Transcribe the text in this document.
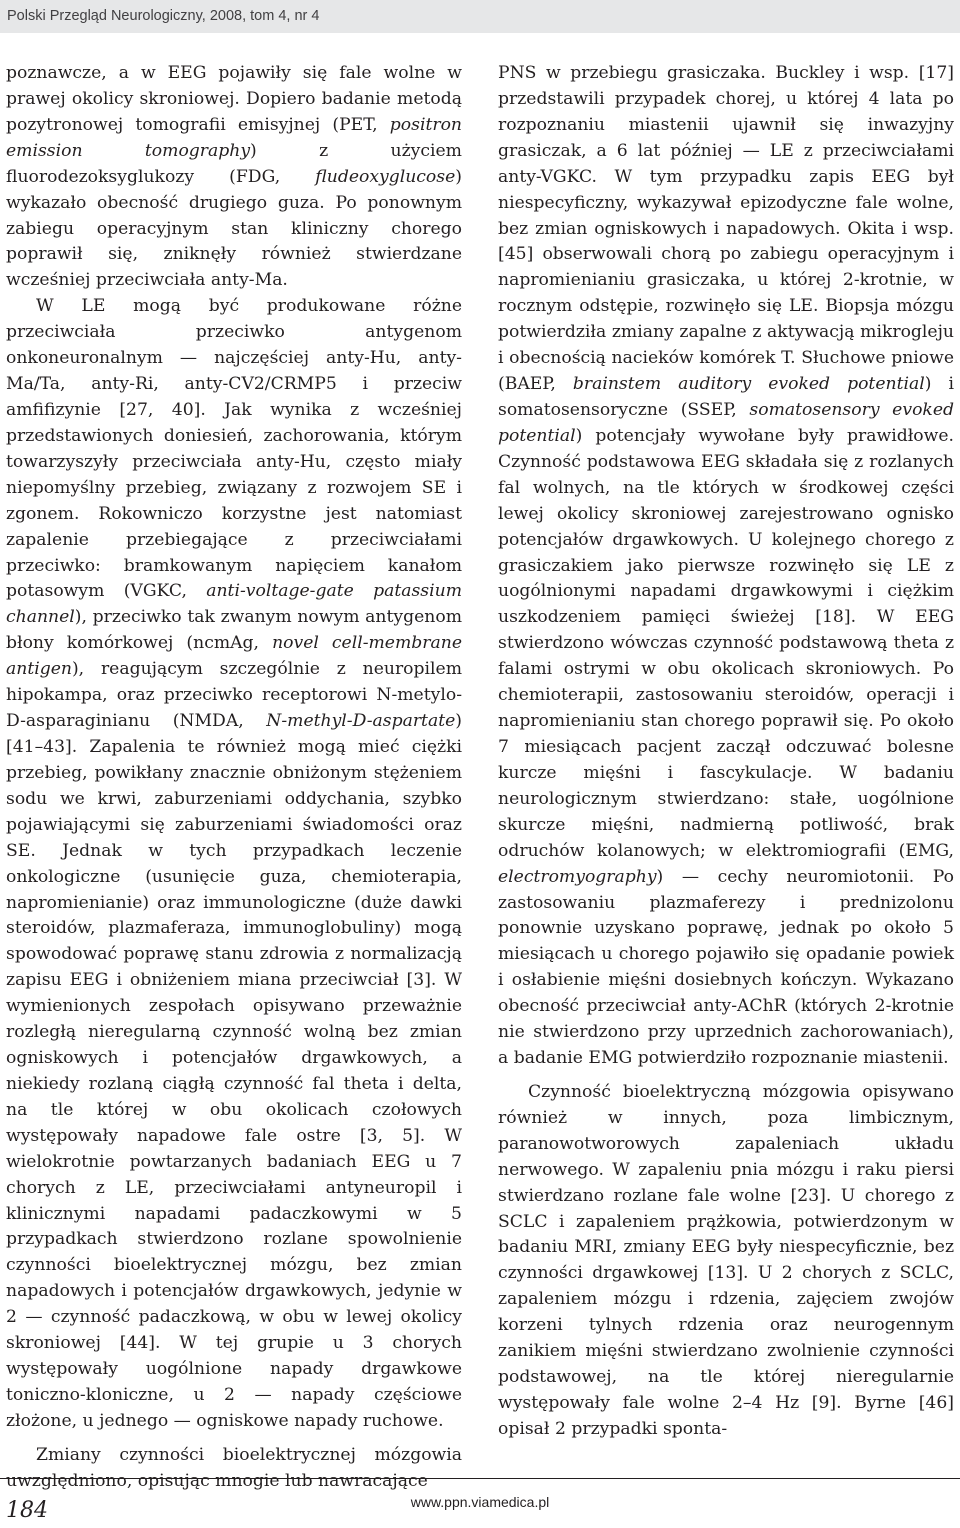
Polski Przegląd Neurologiczny, 2008, tom 4, nr 4

poznawcze, a w EEG pojawiły się fale wolne w prawej okolicy skroniowej. Dopiero badanie metodą pozytronowej tomografii emisyjnej (PET, positron emission tomography) z użyciem fluorodezoksyglukozy (FDG, fludeoxyglucose) wykazało obecność drugiego guza. Po ponownym zabiegu operacyjnym stan kliniczny chorego poprawił się, zniknęły również stwierdzane wcześniej przeciwciała anty-Ma.

W LE mogą być produkowane różne przeciwciała przeciwko antygenom onkoneuronalnym — najczęściej anty-Hu, anty-Ma/Ta, anty-Ri, anty-CV2/CRMP5 i przeciw amfifizynie [27, 40]. Jak wynika z wcześniej przedstawionych doniesień, zachorowania, którym towarzyszyły przeciwciała anty-Hu, często miały niepomyślny przebieg, związany z rozwojem SE i zgonem. Rokowniczo korzystne jest natomiast zapalenie przebiegające z przeciwciałami przeciwko: bramkowanym napięciem kanałom potasowym (VGKC, anti-voltage-gate patassium channel), przeciwko tak zwanym nowym antygenom błony komórkowej (ncmAg, novel cell-membrane antigen), reagującym szczególnie z neuropilem hipokampa, oraz przeciwko receptorowi N-metylo-D-asparaginianu (NMDA, N-methyl-D-aspartate) [41–43]. Zapalenia te również mogą mieć ciężki przebieg, powikłany znacznie obniżonym stężeniem sodu we krwi, zaburzeniami oddychania, szybko pojawiającymi się zaburzeniami świadomości oraz SE. Jednak w tych przypadkach leczenie onkologiczne (usunięcie guza, chemioterapia, napromienianie) oraz immunologiczne (duże dawki steroidów, plazmaferaza, immunoglobuliny) mogą spowodować poprawę stanu zdrowia z normalizacją zapisu EEG i obniżeniem miana przeciwciał [3]. W wymienionych zespołach opisywano przeważnie rozległą nieregularną czynność wolną bez zmian ogniskowych i potencjałów drgawkowych, a niekiedy rozlaną ciągłą czynność fal theta i delta, na tle której w obu okolicach czołowych występowały napadowe fale ostre [3, 5]. W wielokrotnie powtarzanych badaniach EEG u 7 chorych z LE, przeciwciałami antyneuropil i klinicznymi napadami padaczkowymi w 5 przypadkach stwierdzono rozlane spowolnienie czynności bioelektrycznej mózgu, bez zmian napadowych i potencjałów drgawkowych, jedynie w 2 — czynność padaczkową, w obu w lewej okolicy skroniowej [44]. W tej grupie u 3 chorych występowały uogólnione napady drgawkowe toniczno-kloniczne, u 2 — napady częściowe złożone, u jednego — ogniskowe napady ruchowe.

Zmiany czynności bioelektrycznej mózgowia uwzględniono, opisując mnogie lub nawracające

PNS w przebiegu grasiczaka. Buckley i wsp. [17] przedstawili przypadek chorej, u której 4 lata po rozpoznaniu miastenii ujawnił się inwazyjny grasiczak, a 6 lat później — LE z przeciwciałami anty-VGKC. W tym przypadku zapis EEG był niespecyficzny, wykazywał epizodyczne fale wolne, bez zmian ogniskowych i napadowych. Okita i wsp. [45] obserwowali chorą po zabiegu operacyjnym i napromienianiu grasiczaka, u której 2-krotnie, w rocznym odstępie, rozwinęło się LE. Biopsja mózgu potwierdziła zmiany zapalne z aktywacją mikrogleju i obecnością nacieków komórek T. Słuchowe pniowe (BAEP, brainstem auditory evoked potential) i somatosensoryczne (SSEP, somatosensory evoked potential) potencjały wywołane były prawidłowe. Czynność podstawowa EEG składała się z rozlanych fal wolnych, na tle których w środkowej części lewej okolicy skroniowej zarejestrowano ognisko potencjałów drgawkowych. U kolejnego chorego z grasiczakiem jako pierwsze rozwinęło się LE z uogólnionymi napadami drgawkowymi i ciężkim uszkodzeniem pamięci świeżej [18]. W EEG stwierdzono wówczas czynność podstawową theta z falami ostrymi w obu okolicach skroniowych. Po chemioterapii, zastosowaniu steroidów, operacji i napromienianiu stan chorego poprawił się. Po około 7 miesiącach pacjent zaczął odczuwać bolesne kurcze mięśni i fascykulacje. W badaniu neurologicznym stwierdzano: stałe, uogólnione skurcze mięśni, nadmierną potliwość, brak odruchów kolanowych; w elektromiografii (EMG, electromyography) — cechy neuromiotonii. Po zastosowaniu plazmaferezy i prednizolonu ponownie uzyskano poprawę, jednak po około 5 miesiącach u chorego pojawiło się opadanie powiek i osłabienie mięśni dosiebnych kończyn. Wykazano obecność przeciwciał anty-AChR (których 2-krotnie nie stwierdzono przy uprzednich zachorowaniach), a badanie EMG potwierdziło rozpoznanie miastenii.

Czynność bioelektryczną mózgowia opisywano również w innych, poza limbicznym, paranowotworowych zapaleniach układu nerwowego. W zapaleniu pnia mózgu i raku piersi stwierdzano rozlane fale wolne [23]. U chorego z SCLC i zapaleniem prążkowia, potwierdzonym w badaniu MRI, zmiany EEG były niespecyficznie, bez czynności drgawkowej [13]. U 2 chorych z SCLC, zapaleniem mózgu i rdzenia, zajęciem zwojów korzeni tylnych rdzenia oraz neurogennym zanikiem mięśni stwierdzano zwolnienie czynności podstawowej, na tle której nieregularnie występowały fale wolne 2–4 Hz [9]. Byrne [46] opisał 2 przypadki sponta-

184	www.ppn.viamedica.pl
